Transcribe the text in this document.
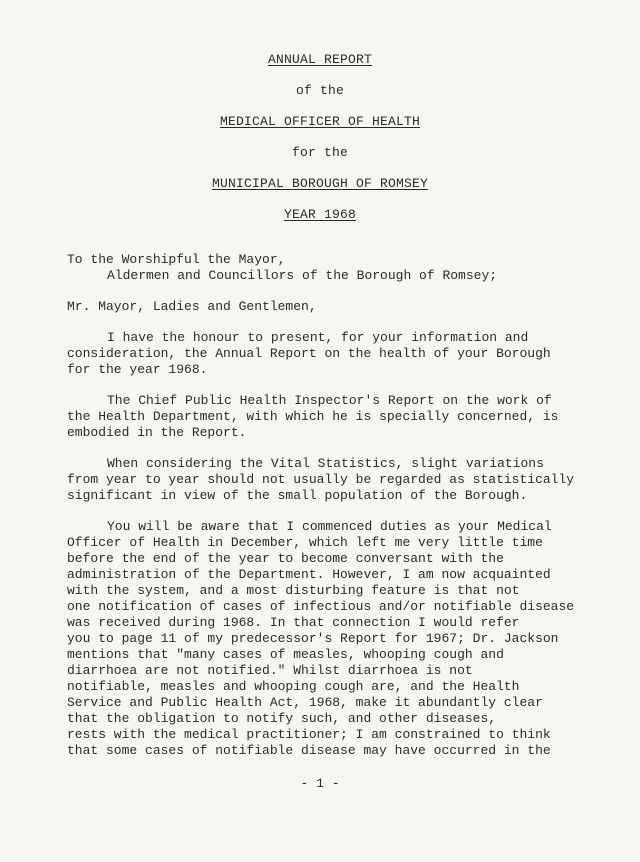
ANNUAL REPORT
of the
MEDICAL OFFICER OF HEALTH
for the
MUNICIPAL BOROUGH OF ROMSEY
YEAR 1968
To the Worshipful the Mayor,
Aldermen and Councillors of the Borough of Romsey;
Mr. Mayor, Ladies and Gentlemen,
I have the honour to present, for your information and
consideration, the Annual Report on the health of your Borough
for the year 1968.
The Chief Public Health Inspector's Report on the work of
the Health Department, with which he is specially concerned, is
embodied in the Report.
When considering the Vital Statistics, slight variations
from year to year should not usually be regarded as statistically
significant in view of the small population of the Borough.
You will be aware that I commenced duties as your Medical
Officer of Health in December, which left me very little time
before the end of the year to become conversant with the
administration of the Department. However, I am now acquainted
with the system, and a most disturbing feature is that not
one notification of cases of infectious and/or notifiable disease
was received during 1968. In that connection I would refer
you to page 11 of my predecessor's Report for 1967; Dr. Jackson
mentions that "many cases of measles, whooping cough and
diarrhoea are not notified." Whilst diarrhoea is not
notifiable, measles and whooping cough are, and the Health
Service and Public Health Act, 1968, make it abundantly clear
that the obligation to notify such, and other diseases,
rests with the medical practitioner; I am constrained to think
that some cases of notifiable disease may have occurred in the
- 1 -
